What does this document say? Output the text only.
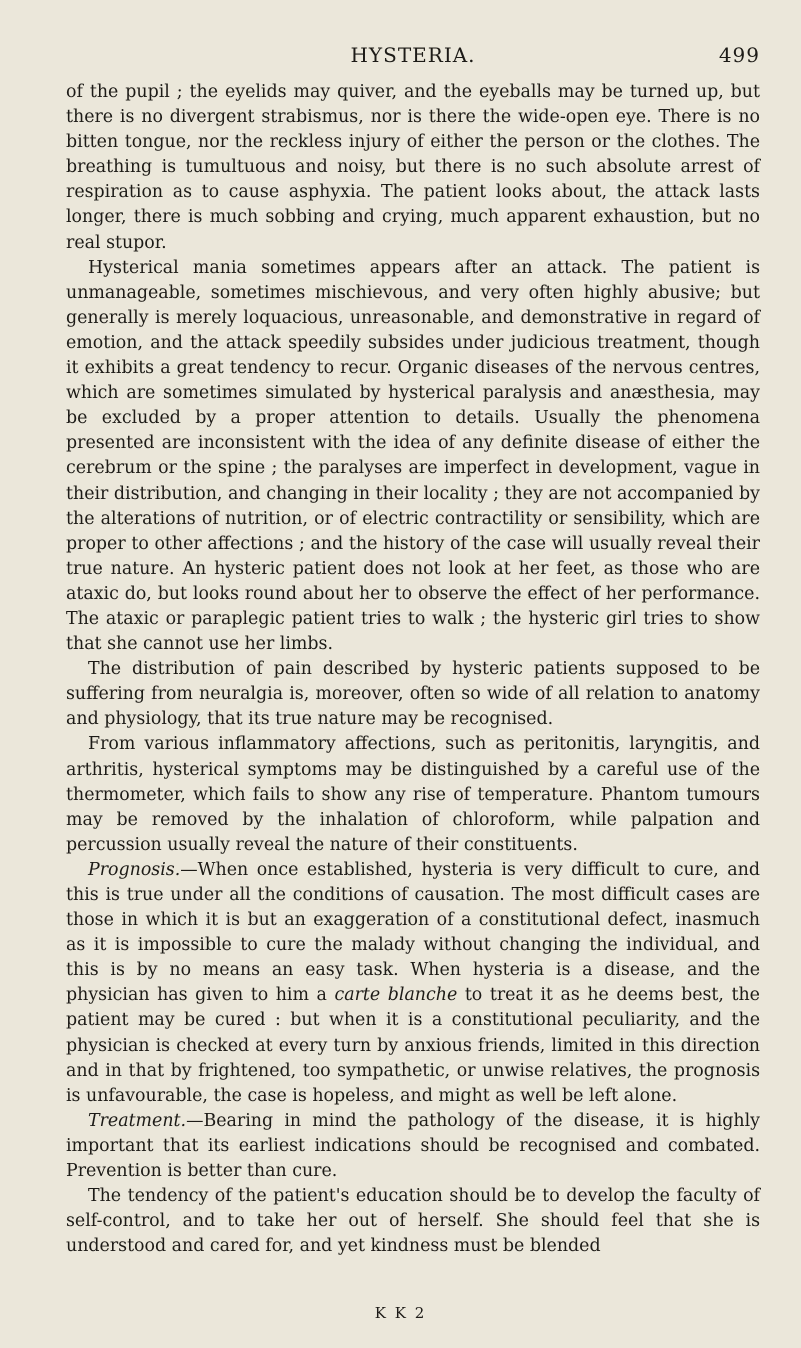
HYSTERIA.	499

of the pupil ; the eyelids may quiver, and the eyeballs may be turned up, but there is no divergent strabismus, nor is there the wide-open eye. There is no bitten tongue, nor the reckless injury of either the person or the clothes. The breathing is tumultuous and noisy, but there is no such absolute arrest of respiration as to cause asphyxia. The patient looks about, the attack lasts longer, there is much sobbing and crying, much apparent exhaustion, but no real stupor.

Hysterical mania sometimes appears after an attack. The patient is unmanageable, sometimes mischievous, and very often highly abusive; but generally is merely loquacious, unreasonable, and demonstrative in regard of emotion, and the attack speedily subsides under judicious treatment, though it exhibits a great tendency to recur. Organic diseases of the nervous centres, which are sometimes simulated by hysterical paralysis and anæsthesia, may be excluded by a proper attention to details. Usually the phenomena presented are inconsistent with the idea of any definite disease of either the cerebrum or the spine ; the paralyses are imperfect in development, vague in their distribution, and changing in their locality ; they are not accompanied by the alterations of nutrition, or of electric contractility or sensibility, which are proper to other affections ; and the history of the case will usually reveal their true nature. An hysteric patient does not look at her feet, as those who are ataxic do, but looks round about her to observe the effect of her performance. The ataxic or paraplegic patient tries to walk ; the hysteric girl tries to show that she cannot use her limbs.

The distribution of pain described by hysteric patients supposed to be suffering from neuralgia is, moreover, often so wide of all relation to anatomy and physiology, that its true nature may be recognised.

From various inflammatory affections, such as peritonitis, laryngitis, and arthritis, hysterical symptoms may be distinguished by a careful use of the thermometer, which fails to show any rise of temperature. Phantom tumours may be removed by the inhalation of chloroform, while palpation and percussion usually reveal the nature of their constituents.

Prognosis.—When once established, hysteria is very difficult to cure, and this is true under all the conditions of causation. The most difficult cases are those in which it is but an exaggeration of a constitutional defect, inasmuch as it is impossible to cure the malady without changing the individual, and this is by no means an easy task. When hysteria is a disease, and the physician has given to him a carte blanche to treat it as he deems best, the patient may be cured : but when it is a constitutional peculiarity, and the physician is checked at every turn by anxious friends, limited in this direction and in that by frightened, too sympathetic, or unwise relatives, the prognosis is unfavourable, the case is hopeless, and might as well be left alone.

Treatment.—Bearing in mind the pathology of the disease, it is highly important that its earliest indications should be recognised and combated. Prevention is better than cure.

The tendency of the patient's education should be to develop the faculty of self-control, and to take her out of herself. She should feel that she is understood and cared for, and yet kindness must be blended

K K 2
